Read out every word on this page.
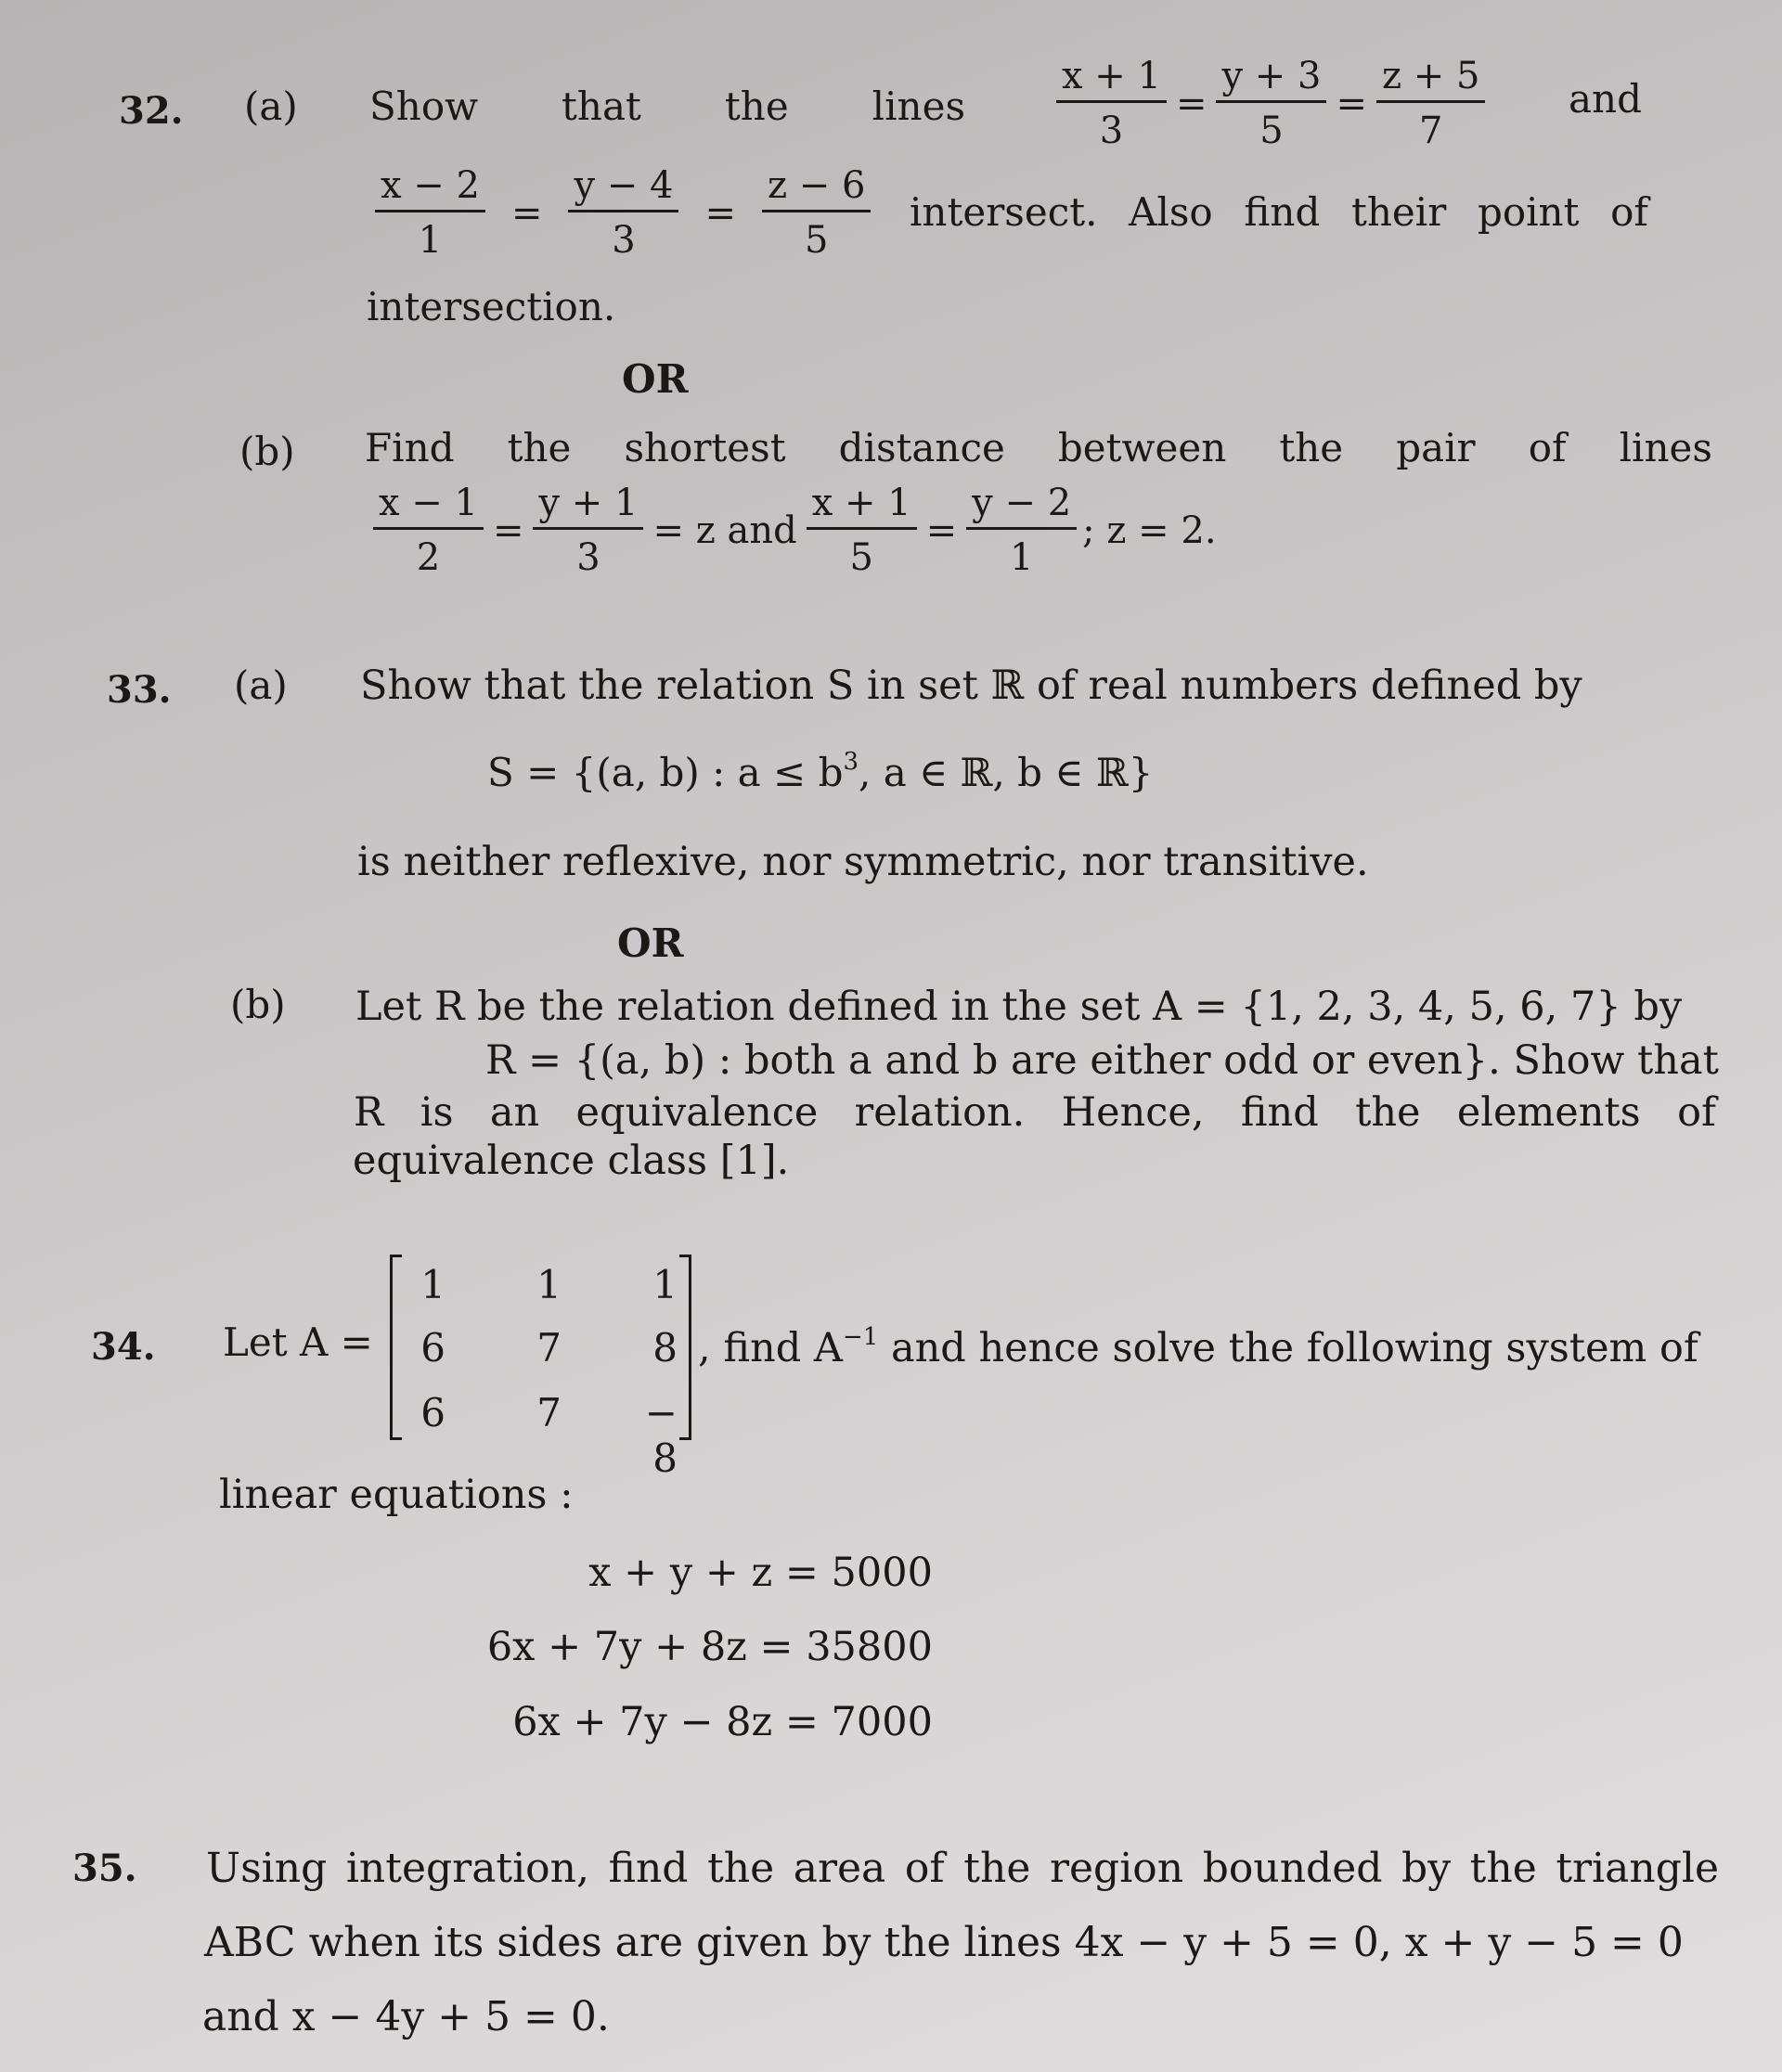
32. (a) Show that the lines $\frac{x + 1}{3} = \frac{y + 3}{5} = \frac{z + 5}{7}$ and
$\frac{x - 2}{1} = \frac{y - 4}{3} = \frac{z - 6}{5}$ intersect. Also find their point of
intersection.
OR
(b) Find the shortest distance between the pair of lines
$\frac{x - 1}{2} = \frac{y + 1}{3} = z$ and $\frac{x + 1}{5} = \frac{y - 2}{1}$ ; z = 2.
33. (a) Show that the relation S in set ℝ of real numbers defined by
S = {(a, b) : $a \le b^3$, a ∈ ℝ, b ∈ ℝ}
is neither reflexive, nor symmetric, nor transitive.
OR
(b) Let R be the relation defined in the set A = {1, 2, 3, 4, 5, 6, 7} by
R = {(a, b) : both a and b are either odd or even}. Show that
R is an equivalence relation. Hence, find the elements of
equivalence class [1].
34. Let A =
1	1	1
6	7	8
6	7	− 8
, find $A^{-1}$ and hence solve the following system of
linear equations :
x + y + z = 5000
6x + 7y + 8z = 35800
6x + 7y − 8z = 7000
35. Using integration, find the area of the region bounded by the triangle
ABC when its sides are given by the lines 4x − y + 5 = 0, x + y − 5 = 0
and x − 4y + 5 = 0.
